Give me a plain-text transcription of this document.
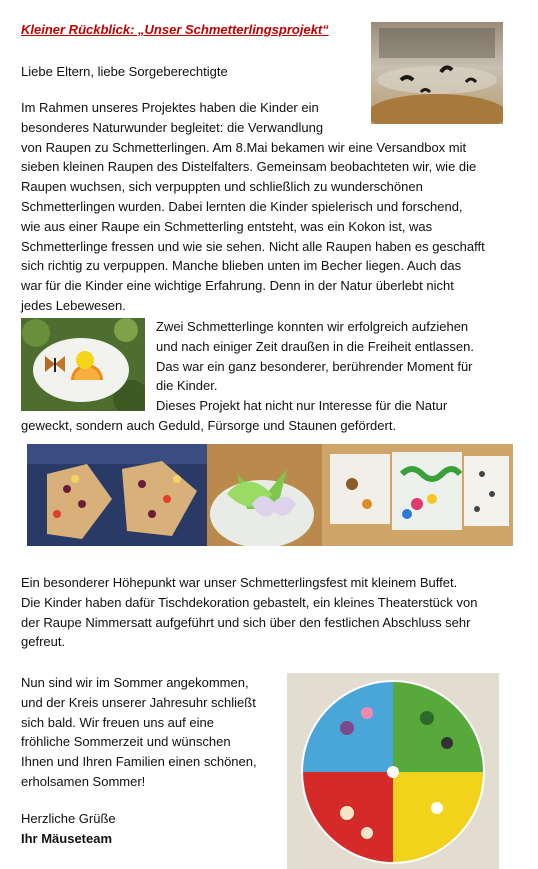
Kleiner Rückblick: „Unser Schmetterlingsprojekt“

Liebe Eltern, liebe Sorgeberechtigte

Im Rahmen unseres Projektes haben die Kinder ein
besonderes Naturwunder begleitet: die Verwandlung
von Raupen zu Schmetterlingen. Am 8.Mai bekamen wir eine Versandbox mit
sieben kleinen Raupen des Distelfalters. Gemeinsam beobachteten wir, wie die
Raupen wuchsen, sich verpuppten und schließlich zu wunderschönen
Schmetterlingen wurden. Dabei lernten die Kinder spielerisch und forschend,
wie aus einer Raupe ein Schmetterling entsteht, was ein Kokon ist, was
Schmetterlinge fressen und wie sie sehen. Nicht alle Raupen haben es geschafft
sich richtig zu verpuppen. Manche blieben unten im Becher liegen. Auch das
war für die Kinder eine wichtige Erfahrung. Denn in der Natur überlebt nicht
jedes Lebewesen.
Zwei Schmetterlinge konnten wir erfolgreich aufziehen
und nach einiger Zeit draußen in die Freiheit entlassen.
Das war ein ganz besonderer, berührender Moment für
die Kinder.
Dieses Projekt hat nicht nur Interesse für die Natur

geweckt, sondern auch Geduld, Fürsorge und Staunen gefördert.

Ein besonderer Höhepunkt war unser Schmetterlingsfest mit kleinem Buffet.
Die Kinder haben dafür Tischdekoration gebastelt, ein kleines Theaterstück von
der Raupe Nimmersatt aufgeführt und sich über den festlichen Abschluss sehr
gefreut.
Nun sind wir im Sommer angekommen,
und der Kreis unserer Jahresuhr schließt
sich bald. Wir freuen uns auf eine
fröhliche Sommerzeit und wünschen
Ihnen und Ihren Familien einen schönen,
erholsamen Sommer!

Herzliche Grüße

Ihr Mäuseteam
